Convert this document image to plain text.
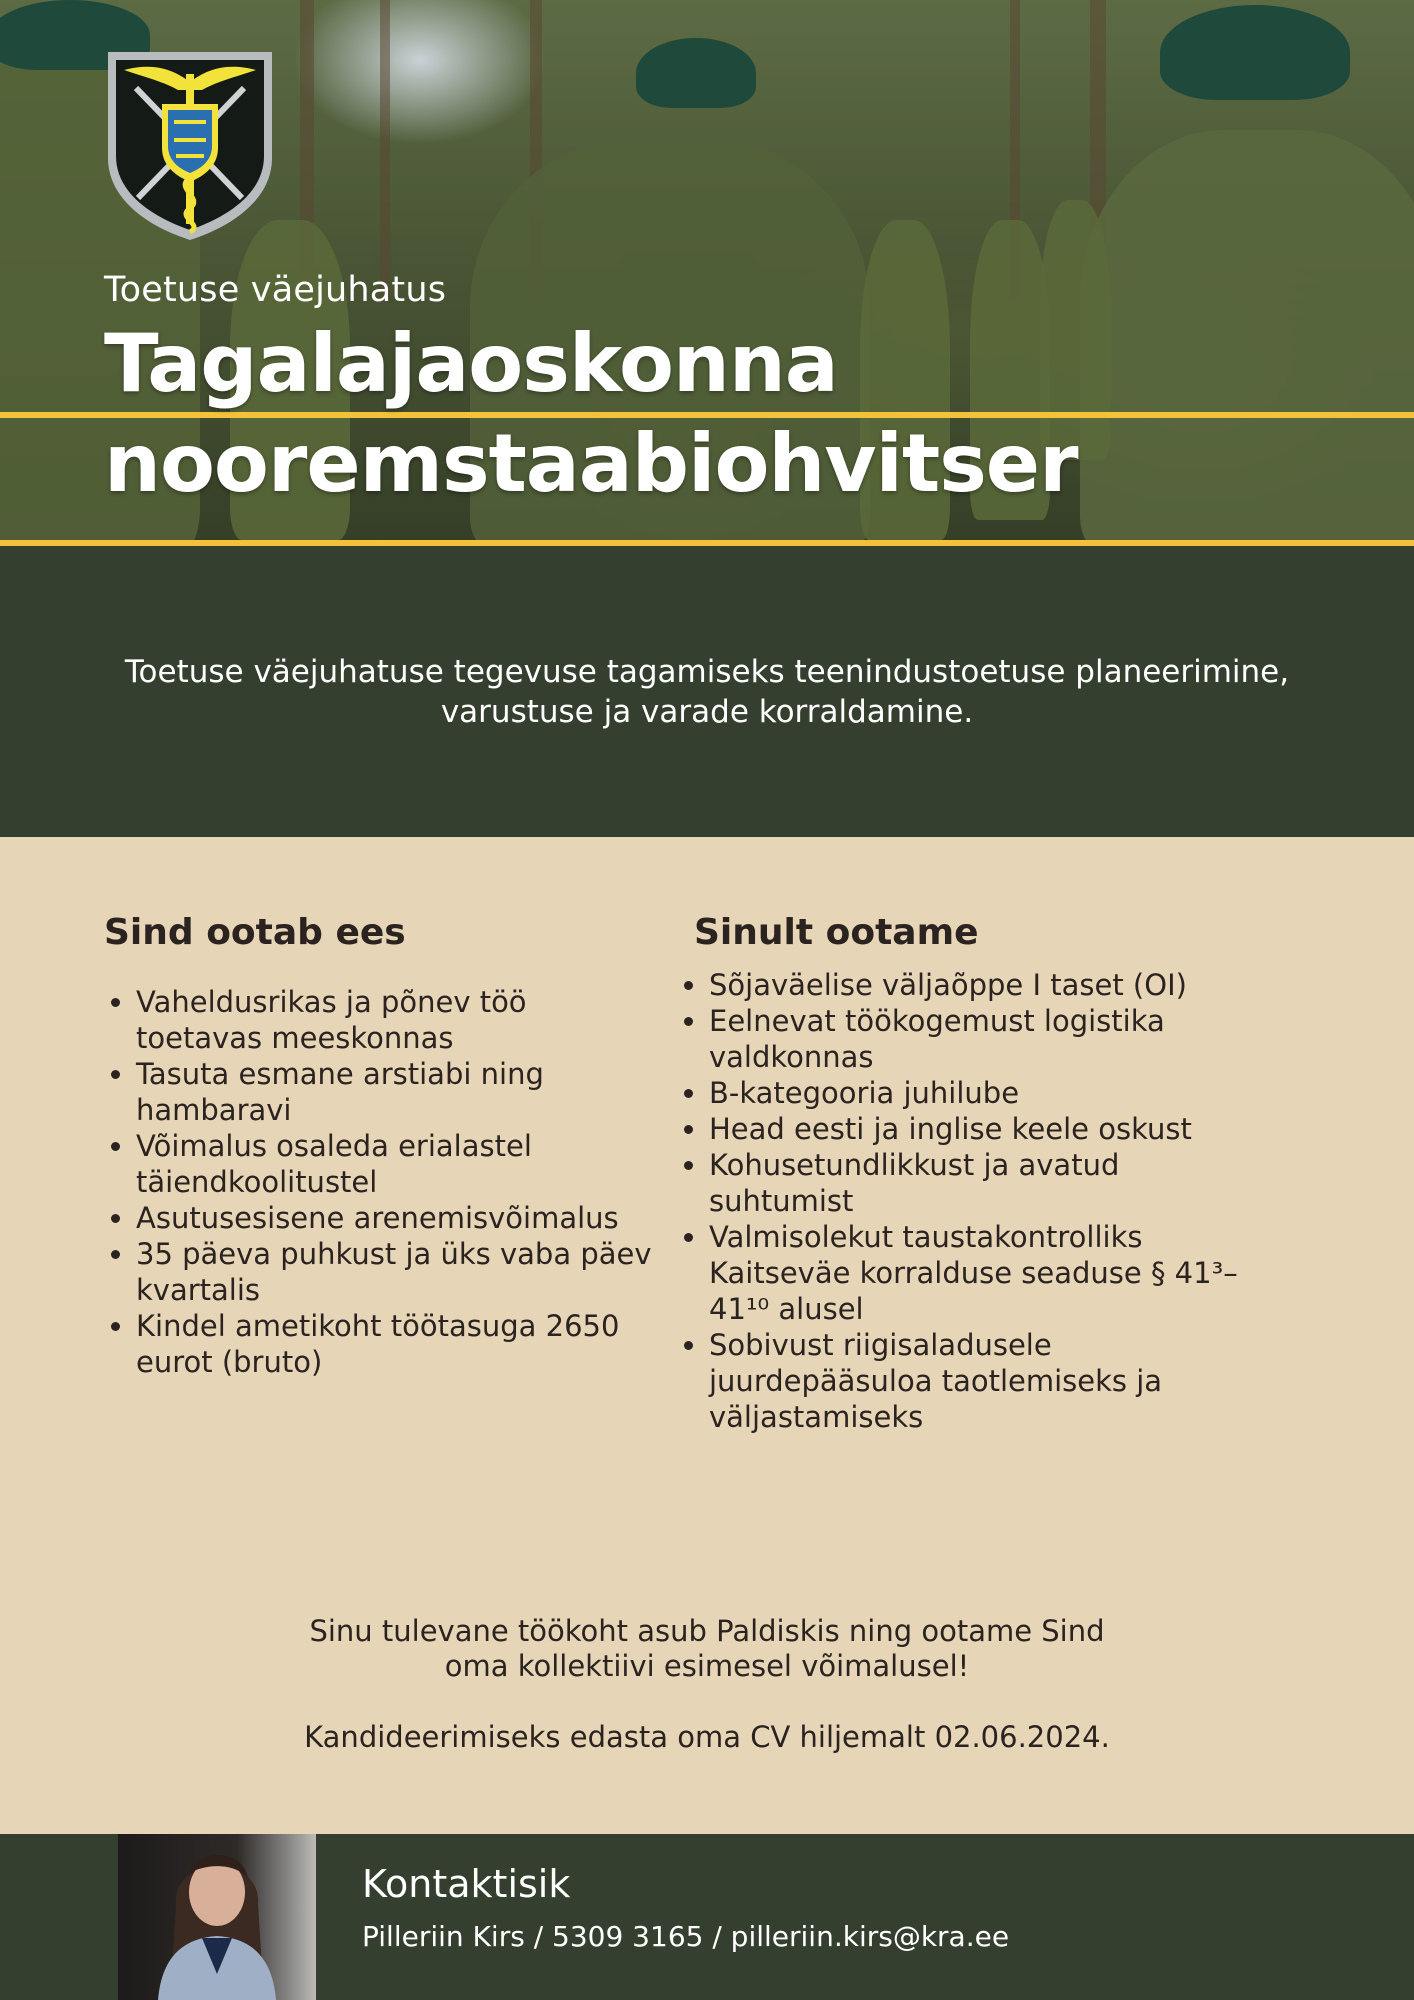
Toetuse väejuhatus
Tagalajaoskonna
nooremstaabiohvitser
Toetuse väejuhatuse tegevuse tagamiseks teenindustoetuse planeerimine, varustuse ja varade korraldamine.
Sind ootab ees
• Vaheldusrikas ja põnev töö toetavas meeskonnas
• Tasuta esmane arstiabi ning hambaravi
• Võimalus osaleda erialastel täiendkoolitustel
• Asutusesisene arenemisvõimalus
• 35 päeva puhkust ja üks vaba päev kvartalis
• Kindel ametikoht töötasuga 2650 eurot (bruto)
Sinult ootame
• Sõjaväelise väljaõppe I taset (OI)
• Eelnevat töökogemust logistika valdkonnas
• B-kategooria juhilube
• Head eesti ja inglise keele oskust
• Kohusetundlikkust ja avatud suhtumist
• Valmisolekut taustakontrolliks Kaitseväe korralduse seaduse § 41³–41¹⁰ alusel
• Sobivust riigisaladusele juurdepääsuloa taotlemiseks ja väljastamiseks

Sinu tulevane töökoht asub Paldiskis ning ootame Sind

oma kollektiivi esimesel võimalusel!

Kandideerimiseks edasta oma CV hiljemalt 02.06.2024.

Kontaktisik
Pilleriin Kirs / 5309 3165 / pilleriin.kirs@kra.ee
